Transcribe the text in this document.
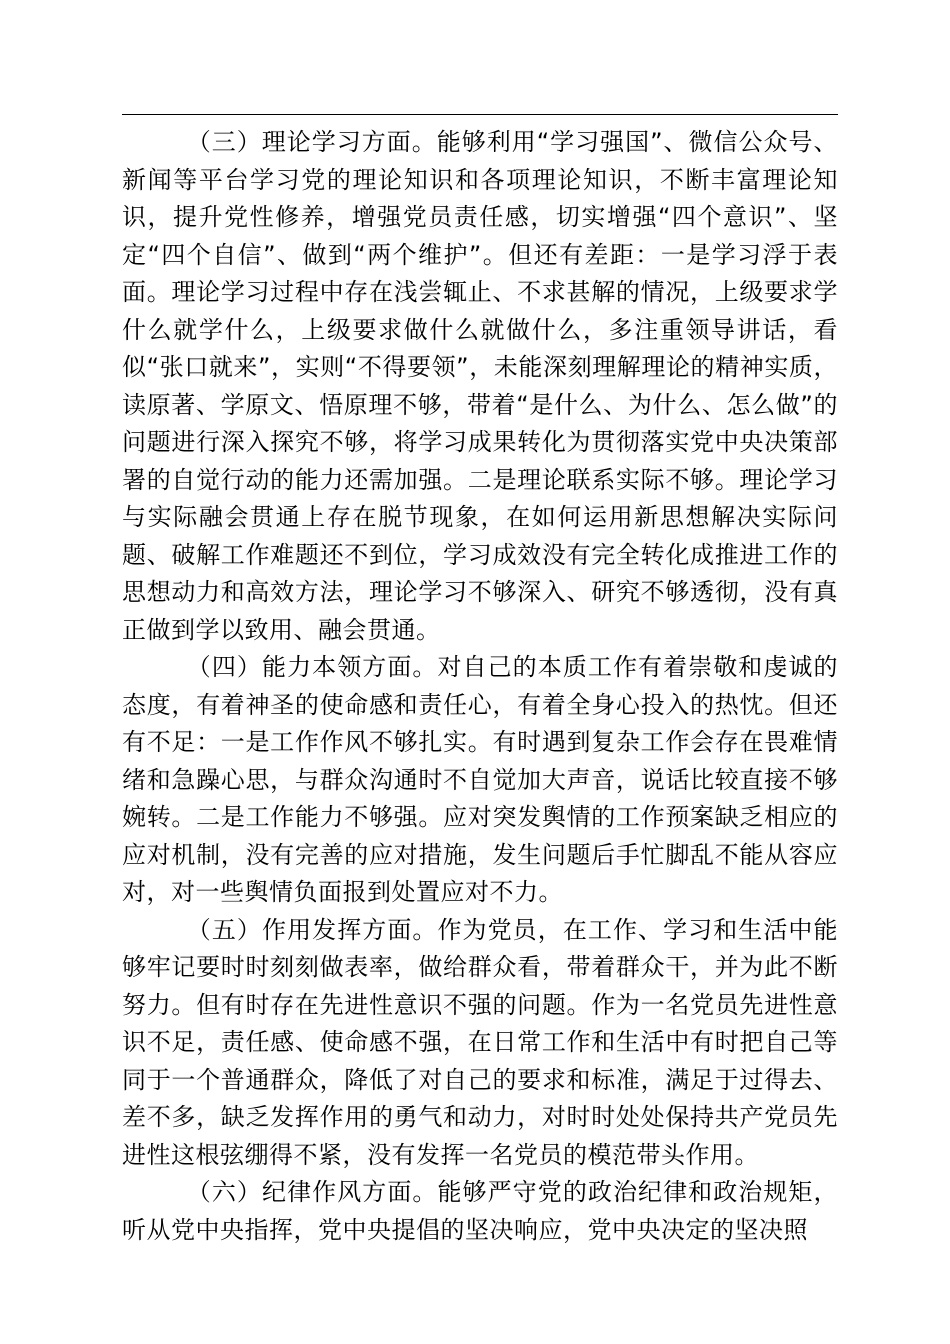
（三）理论学习方面。能够利用“学习强国”、微信公众号、新闻等平台学习党的理论知识和各项理论知识，不断丰富理论知识，提升党性修养，增强党员责任感，切实增强“四个意识”、坚定“四个自信”、做到“两个维护”。但还有差距：一是学习浮于表面。理论学习过程中存在浅尝辄止、不求甚解的情况，上级要求学什么就学什么，上级要求做什么就做什么，多注重领导讲话，看似“张口就来”，实则“不得要领”，未能深刻理解理论的精神实质，读原著、学原文、悟原理不够，带着“是什么、为什么、怎么做”的问题进行深入探究不够，将学习成果转化为贯彻落实党中央决策部署的自觉行动的能力还需加强。二是理论联系实际不够。理论学习与实际融会贯通上存在脱节现象，在如何运用新思想解决实际问题、破解工作难题还不到位，学习成效没有完全转化成推进工作的思想动力和高效方法，理论学习不够深入、研究不够透彻，没有真正做到学以致用、融会贯通。

（四）能力本领方面。对自己的本质工作有着崇敬和虔诚的态度，有着神圣的使命感和责任心，有着全身心投入的热忱。但还有不足：一是工作作风不够扎实。有时遇到复杂工作会存在畏难情绪和急躁心思，与群众沟通时不自觉加大声音，说话比较直接不够婉转。二是工作能力不够强。应对突发舆情的工作预案缺乏相应的应对机制，没有完善的应对措施，发生问题后手忙脚乱不能从容应对，对一些舆情负面报到处置应对不力。

（五）作用发挥方面。作为党员，在工作、学习和生活中能够牢记要时时刻刻做表率，做给群众看，带着群众干，并为此不断努力。但有时存在先进性意识不强的问题。作为一名党员先进性意识不足，责任感、使命感不强，在日常工作和生活中有时把自己等同于一个普通群众，降低了对自己的要求和标准，满足于过得去、差不多，缺乏发挥作用的勇气和动力，对时时处处保持共产党员先进性这根弦绷得不紧，没有发挥一名党员的模范带头作用。

（六）纪律作风方面。能够严守党的政治纪律和政治规矩，听从党中央指挥，党中央提倡的坚决响应，党中央决定的坚决照
